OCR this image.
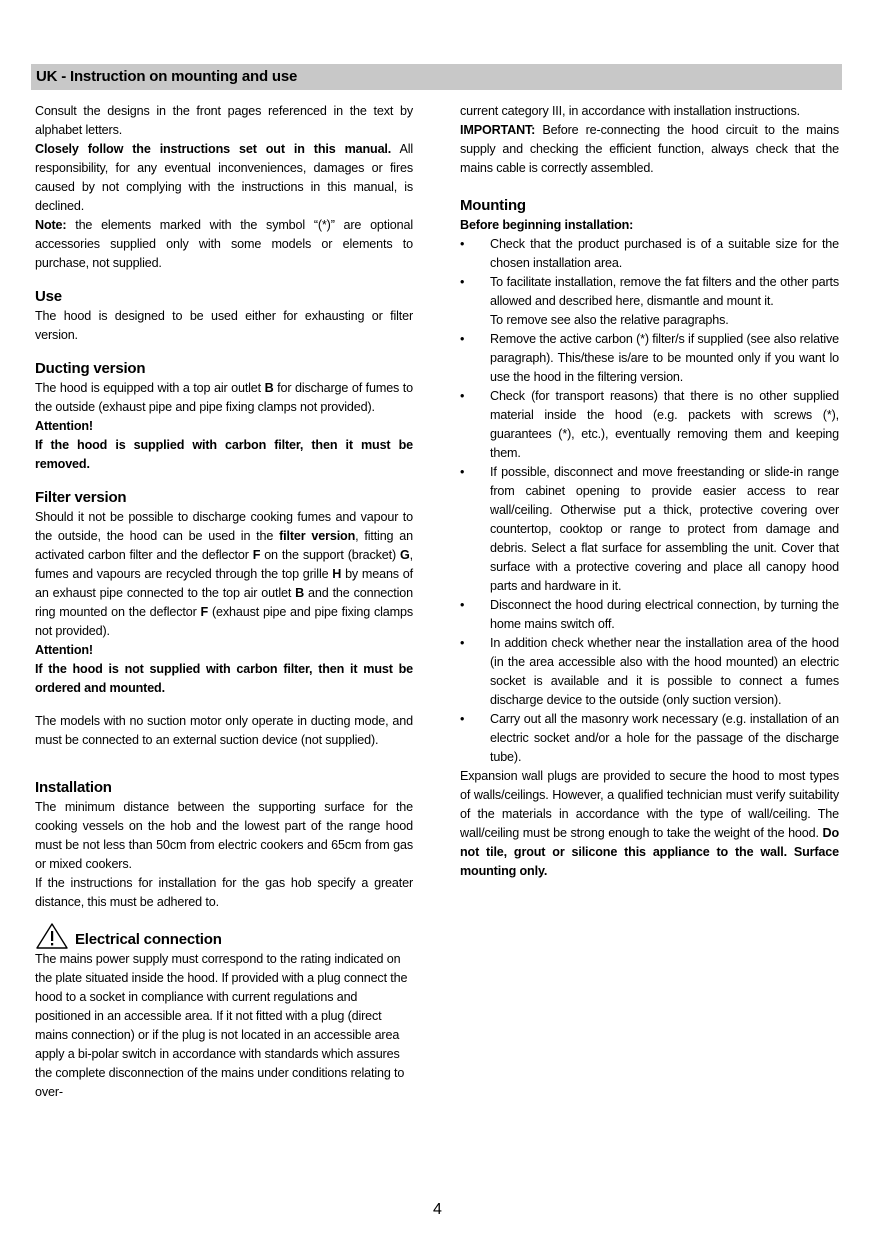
UK - Instruction on mounting and use

Consult the designs in the front pages referenced in the text by alphabet letters.

Closely follow the instructions set out in this manual. All responsibility, for any eventual inconveniences, damages or fires caused by not complying with the instructions in this manual, is declined.

Note: the elements marked with the symbol “(*)” are optional accessories supplied only with some models or elements to purchase, not supplied.

Use

The hood is designed to be used either for exhausting or filter version.

Ducting version

The hood is equipped with a top air outlet B for discharge of fumes to the outside (exhaust pipe and pipe fixing clamps not provided).

Attention!

If the hood is supplied with carbon filter, then it must be removed.

Filter version

Should it not be possible to discharge cooking fumes and vapour to the outside, the hood can be used in the filter version, fitting an activated carbon filter and the deflector F on the support (bracket) G, fumes and vapours are recycled through the top grille H by means of an exhaust pipe connected to the top air outlet B and the connection ring mounted on the deflector F (exhaust pipe and pipe fixing clamps not provided).

Attention!

If the hood is not supplied with carbon filter, then it must be ordered and mounted.

The models with no suction motor only operate in ducting mode, and must be connected to an external suction device (not supplied).

Installation

The minimum distance between the supporting surface for the cooking vessels on the hob and the lowest part of the range hood must be not less than 50cm from electric cookers and 65cm from gas or mixed cookers.

If the instructions for installation for the gas hob specify a greater distance, this must be adhered to.

Electrical connection

The mains power supply must correspond to the rating indicated on the plate situated inside the hood. If provided with a plug connect the hood to a socket in compliance with current regulations and positioned in an accessible area. If it not fitted with a plug (direct mains connection) or if the plug is not located in an accessible area apply a bi-polar switch in accordance with standards which assures the complete disconnection of the mains under conditions relating to over-

current category III, in accordance with installation instructions.

IMPORTANT: Before re-connecting the hood circuit to the mains supply and checking the efficient function, always check that the mains cable is correctly assembled.

Mounting

Before beginning installation:

• Check that the product purchased is of a suitable size for the chosen installation area.
• To facilitate installation, remove the fat filters and the other parts allowed and described here, dismantle and mount it.
To remove see also the relative paragraphs.
• Remove the active carbon (*) filter/s if supplied (see also relative paragraph). This/these is/are to be mounted only if you want lo use the hood in the filtering version.
• Check (for transport reasons) that there is no other supplied material inside the hood (e.g. packets with screws (*), guarantees (*), etc.), eventually removing them and keeping them.
• If possible, disconnect and move freestanding or slide-in range from cabinet opening to provide easier access to rear wall/ceiling. Otherwise put a thick, protective covering over countertop, cooktop or range to protect from damage and debris. Select a flat surface for assembling the unit. Cover that surface with a protective covering and place all canopy hood parts and hardware in it.
• Disconnect the hood during electrical connection, by turning the home mains switch off.
• In addition check whether near the installation area of the hood (in the area accessible also with the hood mounted) an electric socket is available and it is possible to connect a fumes discharge device to the outside (only suction version).
• Carry out all the masonry work necessary (e.g. installation of an electric socket and/or a hole for the passage of the discharge tube).

Expansion wall plugs are provided to secure the hood to most types of walls/ceilings. However, a qualified technician must verify suitability of the materials in accordance with the type of wall/ceiling. The wall/ceiling must be strong enough to take the weight of the hood. Do not tile, grout or silicone this appliance to the wall. Surface mounting only.

4
